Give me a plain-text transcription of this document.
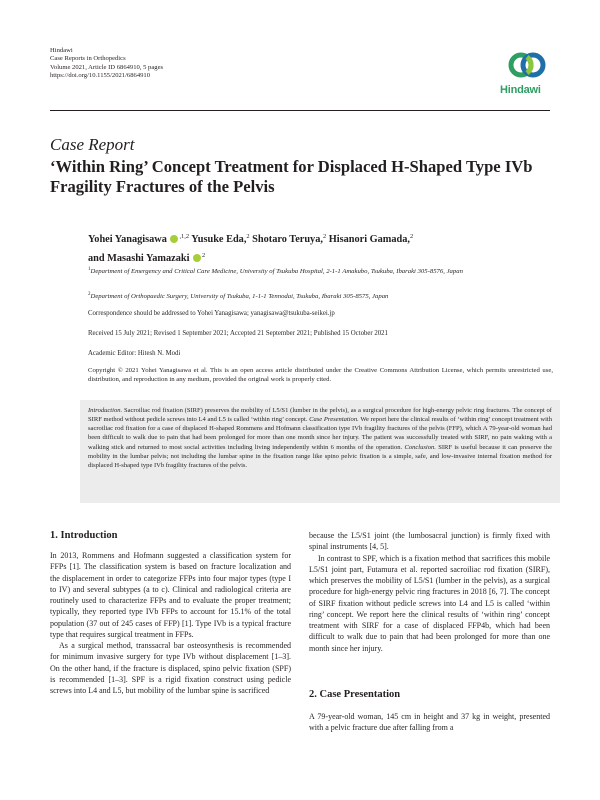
Hindawi
Case Reports in Orthopedics
Volume 2021, Article ID 6864910, 5 pages
https://doi.org/10.1155/2021/6864910
Hindawi
Case Report
‘Within Ring’ Concept Treatment for Displaced H-Shaped Type IVb Fragility Fractures of the Pelvis
Yohei Yanagisawa $^{,1,2}$ Yusuke Eda,$^2$ Shotaro Teruya,$^2$ Hisanori Gamada,$^2$
and Masashi Yamazaki $^2$
$^1$Department of Emergency and Critical Care Medicine, University of Tsukuba Hospital, 2-1-1 Amakubo, Tsukuba, Ibaraki 305-8576, Japan
$^2$Department of Orthopaedic Surgery, University of Tsukuba, 1-1-1 Tennodai, Tsukuba, Ibaraki 305-8575, Japan
Correspondence should be addressed to Yohei Yanagisawa; yanagisawa@tsukuba-seikei.jp
Received 15 July 2021; Revised 1 September 2021; Accepted 21 September 2021; Published 15 October 2021
Academic Editor: Hitesh N. Modi
Copyright © 2021 Yohei Yanagisawa et al. This is an open access article distributed under the Creative Commons Attribution License, which permits unrestricted use, distribution, and reproduction in any medium, provided the original work is properly cited.
Introduction. Sacroiliac rod fixation (SIRF) preserves the mobility of L5/S1 (lumber in the pelvis), as a surgical procedure for high-energy pelvic ring fractures. The concept of SIRF method without pedicle screws into L4 and L5 is called ‘within ring’ concept. Case Presentation. We report here the clinical results of ‘within ring’ concept treatment with sacroiliac rod fixation for a case of displaced H-shaped Rommens and Hofmann classification type IVb fragility fractures of the pelvis (FFP), which A 79-year-old woman had been difficult to walk due to pain that had been prolonged for more than one month since her injury. The patient was successfully treated with SIRF, no pain waking with a walking stick and returned to most social activities including living independently within 6 months of the operation. Conclusion. SIRF is useful because it can preserve the mobility in the lumbar pelvis; not including the lumbar spine in the fixation range like spino pelvic fixation is a simple, safe, and low-invasive internal fixation method for displaced H-shaped type IVb fragility fractures of the pelvis.
1. Introduction

In 2013, Rommens and Hofmann suggested a classification system for FFPs [1]. The classification system is based on fracture localization and the displacement in order to categorize FFPs into four major types (type I to IV) and several subtypes (a to c). Clinical and radiological criteria are routinely used to characterize FFPs and to evaluate the proper treatment; typically, they reported type IVb FFPs to account for 15.1% of the total population (37 out of 245 cases of FFP) [1]. Type IVb is a typical fracture type that requires surgical treatment in FFPs.

As a surgical method, transsacral bar osteosynthesis is recommended for minimum invasive surgery for type IVb without displacement [1–3]. On the other hand, if the fracture is displaced, spino pelvic fixation (SPF) is recommended [1–3]. SPF is a rigid fixation construct using pedicle screws into L4 and L5, but mobility of the lumbar spine is sacrificed

because the L5/S1 joint (the lumbosacral junction) is firmly fixed with spinal instruments [4, 5].

In contrast to SPF, which is a fixation method that sacrifices this mobile L5/S1 joint part, Futamura et al. reported sacroiliac rod fixation (SIRF), which preserves the mobility of L5/S1 (lumber in the pelvis), as a surgical procedure for high-energy pelvic ring fractures in 2018 [6, 7]. The concept of SIRF fixation without pedicle screws into L4 and L5 is called ‘within ring’ concept. We report here the clinical results of ‘within ring’ concept treatment with SIRF for a case of displaced FFP4b, which had been difficult to walk due to pain that had been prolonged for more than one month since her injury.

2. Case Presentation

A 79-year-old woman, 145 cm in height and 37 kg in weight, presented with a pelvic fracture due after falling from a
